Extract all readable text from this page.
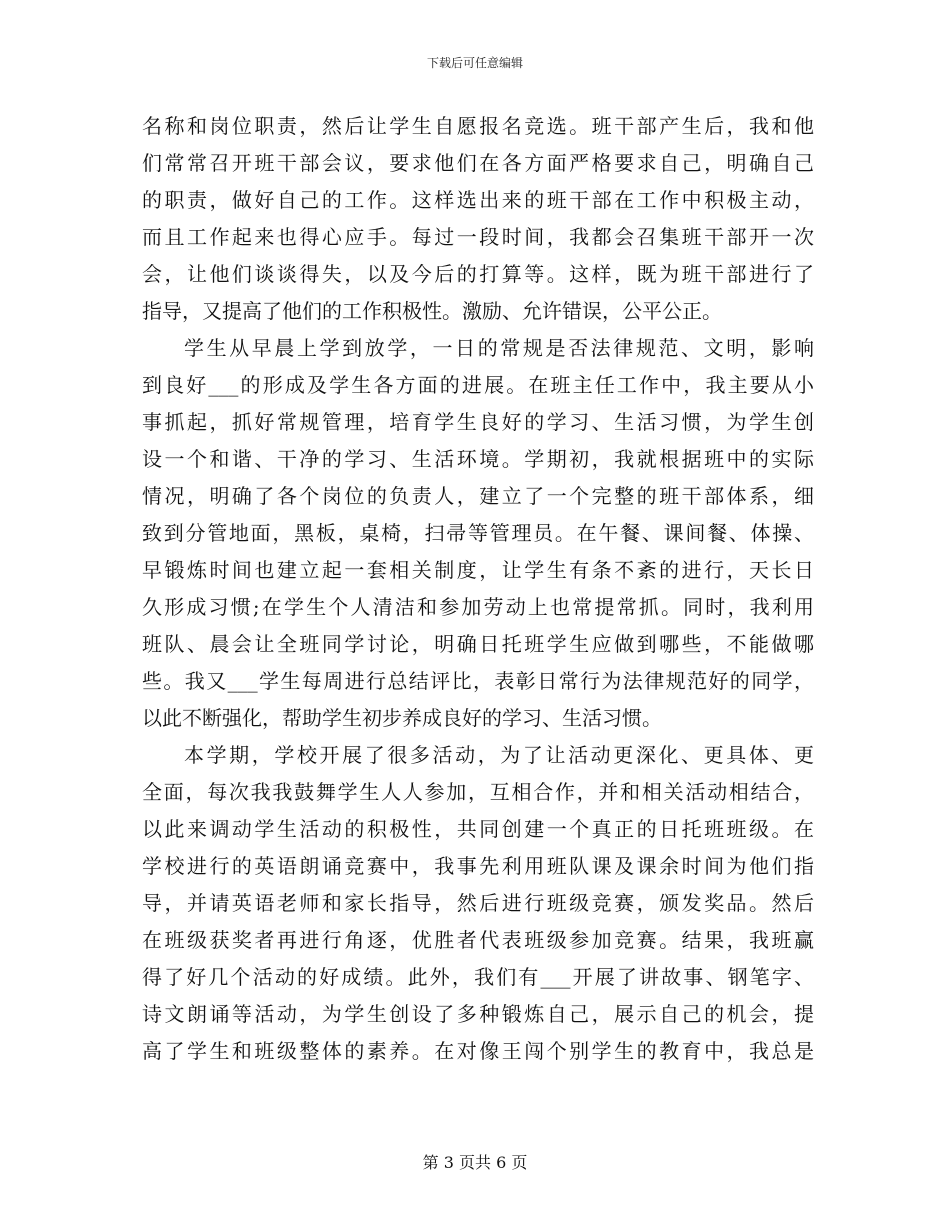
下载后可任意编辑
名称和岗位职责，然后让学生自愿报名竞选。班干部产生后，我和他
们常常召开班干部会议，要求他们在各方面严格要求自己，明确自己
的职责，做好自己的工作。这样选出来的班干部在工作中积极主动，
而且工作起来也得心应手。每过一段时间，我都会召集班干部开一次
会，让他们谈谈得失，以及今后的打算等。这样，既为班干部进行了
指导，又提高了他们的工作积极性。激励、允许错误，公平公正。
学生从早晨上学到放学，一日的常规是否法律规范、文明，影响
到良好___的形成及学生各方面的进展。在班主任工作中，我主要从小
事抓起，抓好常规管理，培育学生良好的学习、生活习惯，为学生创
设一个和谐、干净的学习、生活环境。学期初，我就根据班中的实际
情况，明确了各个岗位的负责人，建立了一个完整的班干部体系，细
致到分管地面，黑板，桌椅，扫帚等管理员。在午餐、课间餐、体操、
早锻炼时间也建立起一套相关制度，让学生有条不紊的进行，天长日
久形成习惯;在学生个人清洁和参加劳动上也常提常抓。同时，我利用
班队、晨会让全班同学讨论，明确日托班学生应做到哪些，不能做哪
些。我又___学生每周进行总结评比，表彰日常行为法律规范好的同学，
以此不断强化，帮助学生初步养成良好的学习、生活习惯。
本学期，学校开展了很多活动，为了让活动更深化、更具体、更
全面，每次我我鼓舞学生人人参加，互相合作，并和相关活动相结合，
以此来调动学生活动的积极性，共同创建一个真正的日托班班级。在
学校进行的英语朗诵竞赛中，我事先利用班队课及课余时间为他们指
导，并请英语老师和家长指导，然后进行班级竞赛，颁发奖品。然后
在班级获奖者再进行角逐，优胜者代表班级参加竞赛。结果，我班赢
得了好几个活动的好成绩。此外，我们有___开展了讲故事、钢笔字、
诗文朗诵等活动，为学生创设了多种锻炼自己，展示自己的机会，提
高了学生和班级整体的素养。在对像王闯个别学生的教育中，我总是
第 3 页共 6 页
